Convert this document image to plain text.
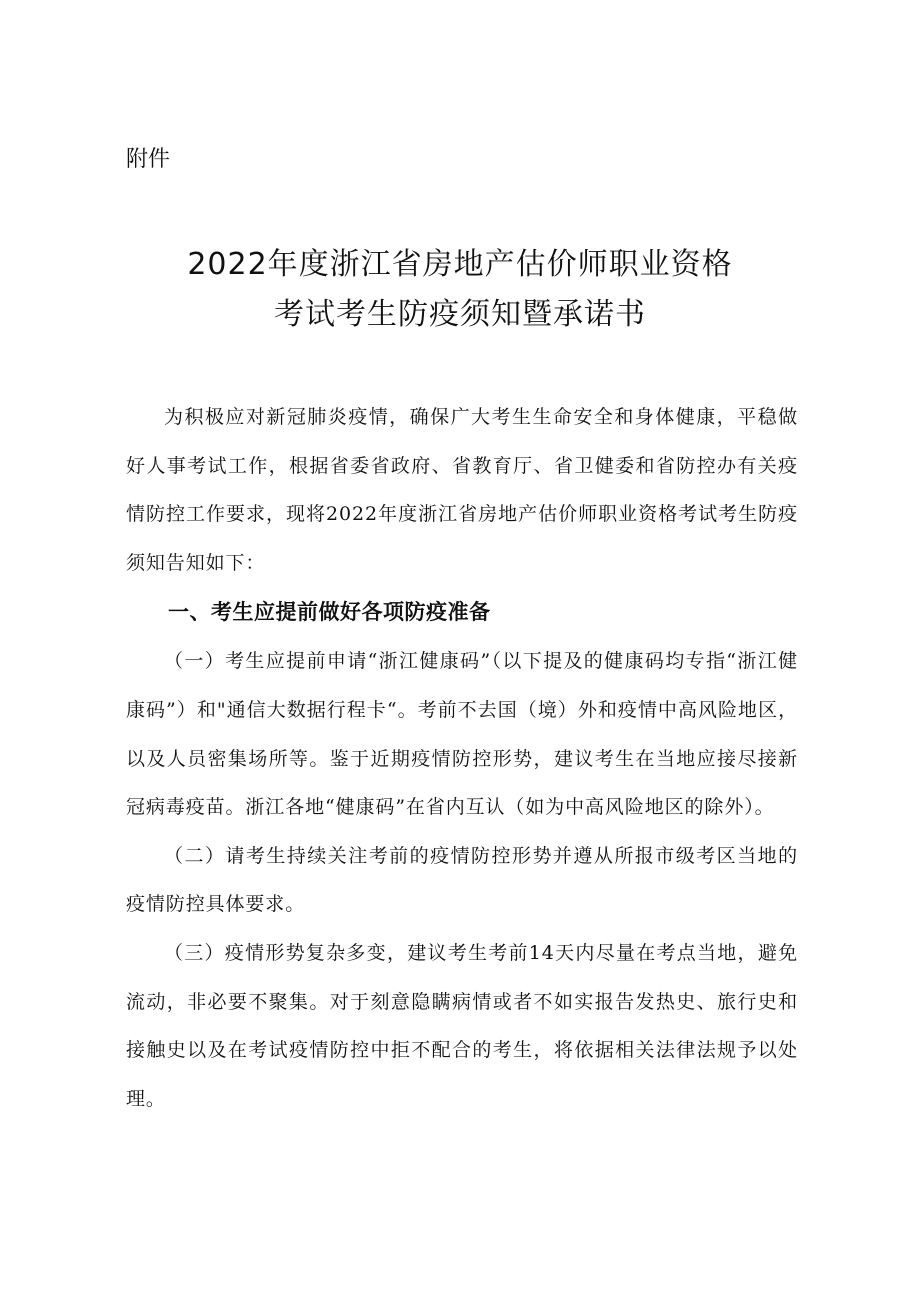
附件

2022年度浙江省房地产估价师职业资格
考试考生防疫须知暨承诺书

为积极应对新冠肺炎疫情，确保广大考生生命安全和身体健康，平稳做好人事考试工作，根据省委省政府、省教育厅、省卫健委和省防控办有关疫情防控工作要求，现将2022年度浙江省房地产估价师职业资格考试考生防疫须知告知如下：

一、考生应提前做好各项防疫准备

（一）考生应提前申请“浙江健康码”（以下提及的健康码均专指“浙江健康码”）和"通信大数据行程卡“。考前不去国（境）外和疫情中高风险地区，以及人员密集场所等。鉴于近期疫情防控形势，建议考生在当地应接尽接新冠病毒疫苗。浙江各地“健康码”在省内互认（如为中高风险地区的除外）。

（二）请考生持续关注考前的疫情防控形势并遵从所报市级考区当地的疫情防控具体要求。

（三）疫情形势复杂多变，建议考生考前14天内尽量在考点当地，避免流动，非必要不聚集。对于刻意隐瞒病情或者不如实报告发热史、旅行史和接触史以及在考试疫情防控中拒不配合的考生，将依据相关法律法规予以处理。
